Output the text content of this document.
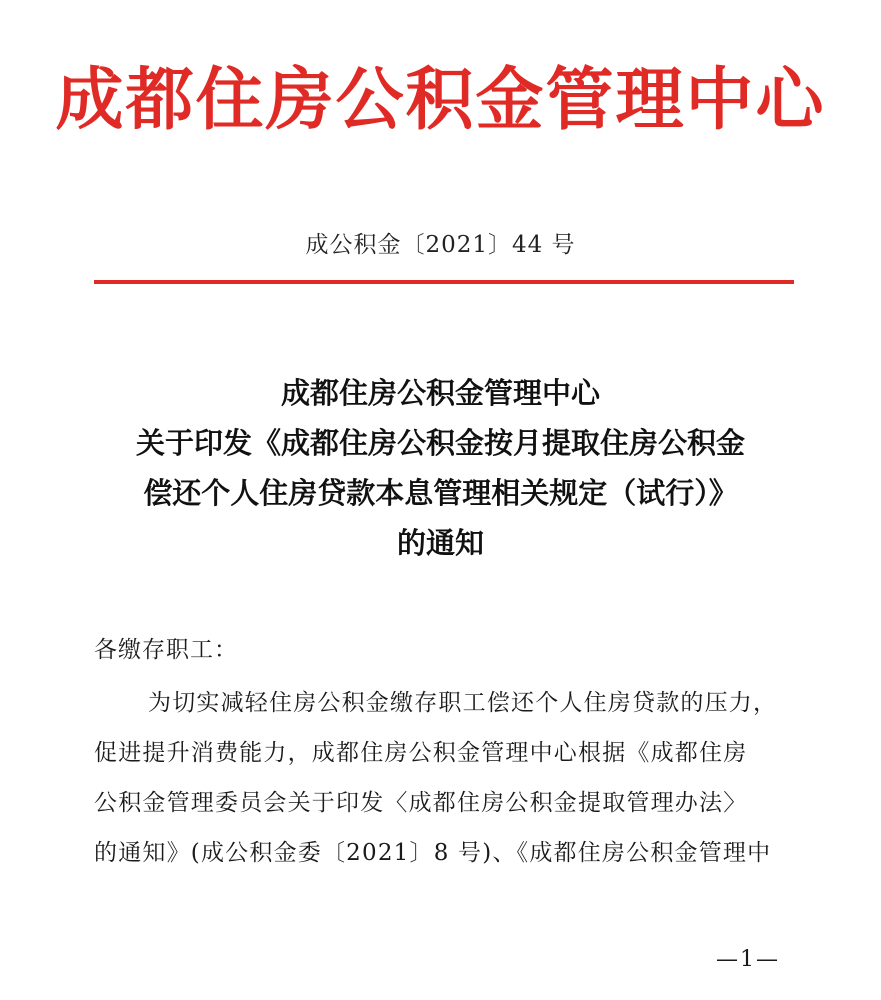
成都住房公积金管理中心
成公积金〔2021〕44 号
成都住房公积金管理中心
关于印发《成都住房公积金按月提取住房公积金
偿还个人住房贷款本息管理相关规定（试行）》
的通知
各缴存职工：
为切实减轻住房公积金缴存职工偿还个人住房贷款的压力，
促进提升消费能力，成都住房公积金管理中心根据《成都住房
公积金管理委员会关于印发〈成都住房公积金提取管理办法〉
的通知》(成公积金委〔2021〕8 号)、《成都住房公积金管理中
—1—
